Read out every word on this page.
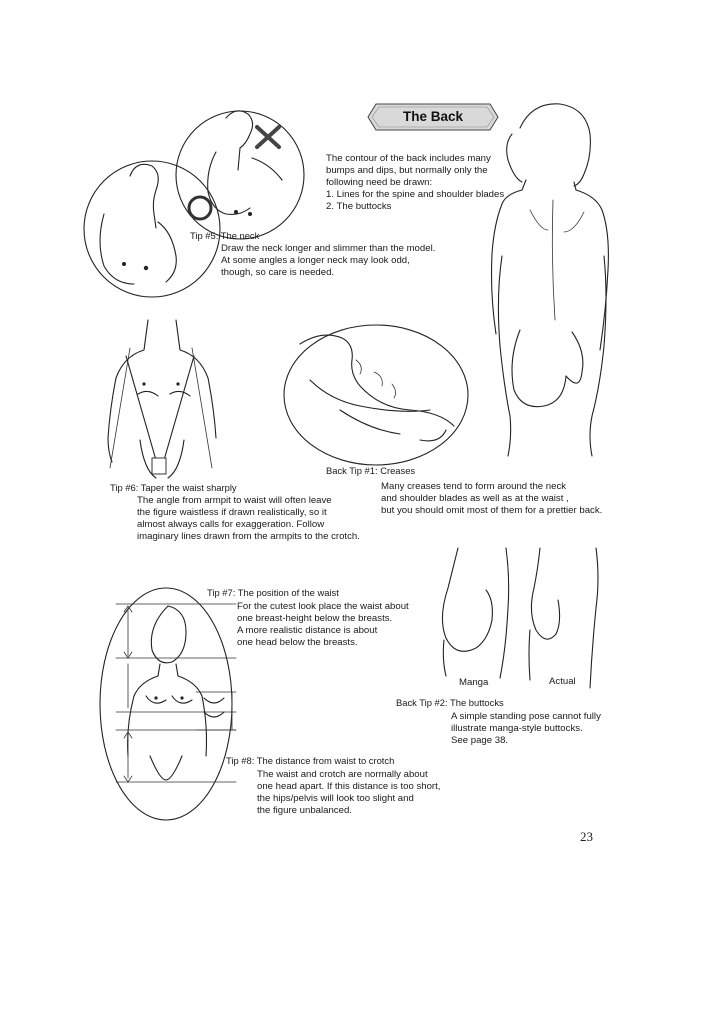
The Back
The contour of the back includes many
bumps and dips, but normally only the
following need be drawn:
1. Lines for the spine and shoulder blades
2. The buttocks
Tip #5: The neck
Draw the neck longer and slimmer than the model.
At some angles a longer neck may look odd,
though, so care is needed.
Back Tip #1: Creases
Many creases tend to form around the neck
and shoulder blades as well as at the waist ,
but you should omit most of them for a prettier back.
Tip #6: Taper the waist sharply
The angle from armpit to waist will often leave
the figure waistless if drawn realistically, so it
almost always calls for exaggeration. Follow
imaginary lines drawn from the armpits to the crotch.
Tip #7: The position of the waist
For the cutest look place the waist about
one breast-height below the breasts.
A more realistic distance is about
one head below the breasts.
Manga	Actual
Back Tip #2: The buttocks
A simple standing pose cannot fully
illustrate manga-style buttocks.
See page 38.
Tip #8: The distance from waist to crotch
The waist and crotch are normally about
one head apart. If this distance is too short,
the hips/pelvis will look too slight and
the figure unbalanced.
23
